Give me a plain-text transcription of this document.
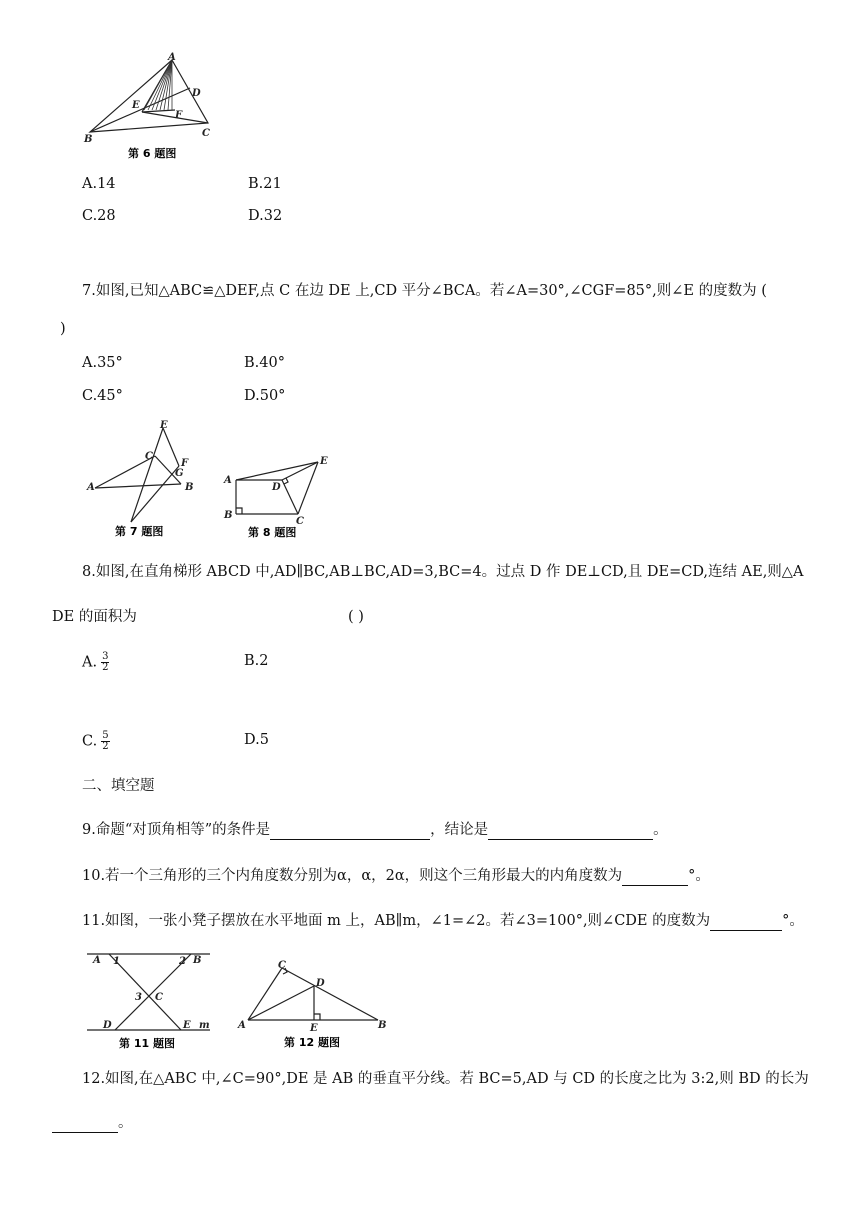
A
B
C
D
E
F
第 6 题图
A.14	B.21
C.28	D.32
7.如图,已知△ABC≌△DEF,点 C 在边 DE 上,CD 平分∠BCA。若∠A=30°,∠CGF=85°,则∠E 的度数为 (
)
A.35°	B.40°
C.45°	D.50°
E
C
F
G
A	B
第 7 题图
A
B
C
D
E
第 8 题图
8.如图,在直角梯形 ABCD 中,AD∥BC,AB⊥BC,AD=3,BC=4。过点 D 作 DE⊥CD,且 DE=CD,连结 AE,则△A
DE 的面积为	( )
A. $\frac{3}{2}$	B.2
C. $\frac{5}{2}$	D.5
二、填空题
9.命题“对顶角相等”的条件是	，结论是	。
10.若一个三角形的三个内角度数分别为α，α，2α，则这个三角形最大的内角度数为	°。
11.如图，一张小凳子摆放在水平地面 m 上，AB∥m，∠1=∠2。若∠3=100°,则∠CDE 的度数为	°。
A 1	2 B
3 C
D	E m
第 11 题图
C
D
A	E	B
第 12 题图
12.如图,在△ABC 中,∠C=90°,DE 是 AB 的垂直平分线。若 BC=5,AD 与 CD 的长度之比为 3:2,则 BD 的长为
。
